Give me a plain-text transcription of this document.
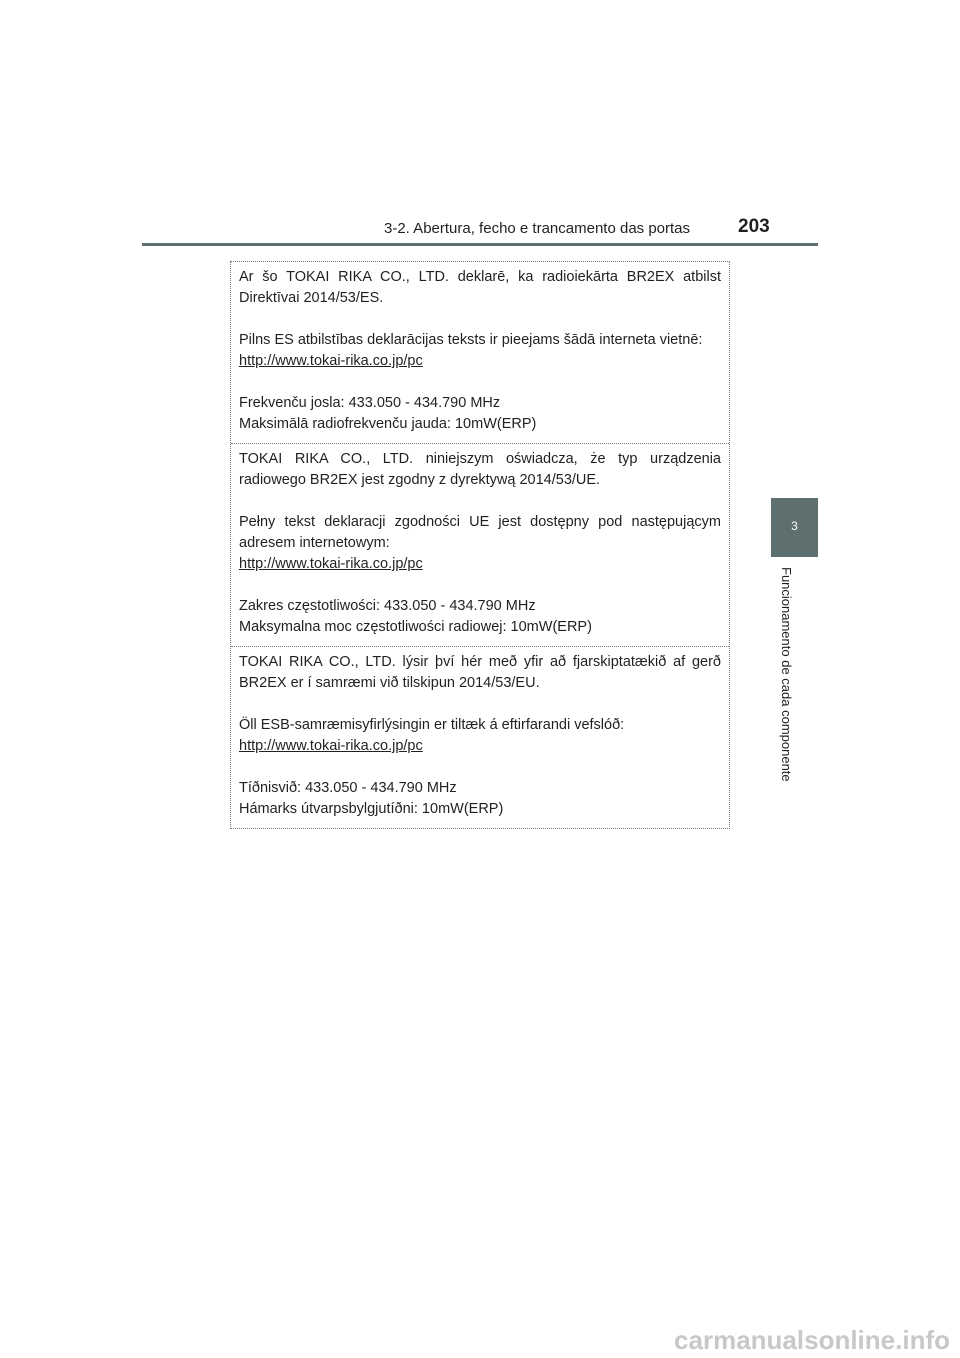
3-2. Abertura, fecho e trancamento das portas	203
3
Funcionamento de cada componente

Ar šo TOKAI RIKA CO., LTD. deklarē, ka radioiekārta BR2EX atbilst Direktīvai 2014/53/ES.

Pilns ES atbilstības deklarācijas teksts ir pieejams šādā interneta vietnē:

http://www.tokai-rika.co.jp/pc

Frekvenču josla: 433.050 - 434.790 MHz

Maksimālā radiofrekvenču jauda: 10mW(ERP)

TOKAI RIKA CO., LTD. niniejszym oświadcza, że typ urządzenia radiowego BR2EX jest zgodny z dyrektywą 2014/53/UE.

Pełny tekst deklaracji zgodności UE jest dostępny pod następującym adresem internetowym:

http://www.tokai-rika.co.jp/pc

Zakres częstotliwości: 433.050 - 434.790 MHz

Maksymalna moc częstotliwości radiowej: 10mW(ERP)

TOKAI RIKA CO., LTD. lýsir því hér með yfir að fjarskiptatækið af gerð BR2EX er í samræmi við tilskipun 2014/53/EU.

Öll ESB-samræmisyfirlýsingin er tiltæk á eftirfarandi vefslóð:

http://www.tokai-rika.co.jp/pc

Tíðnisvið: 433.050 - 434.790 MHz

Hámarks útvarpsbylgjutíðni: 10mW(ERP)

carmanualsonline.info
